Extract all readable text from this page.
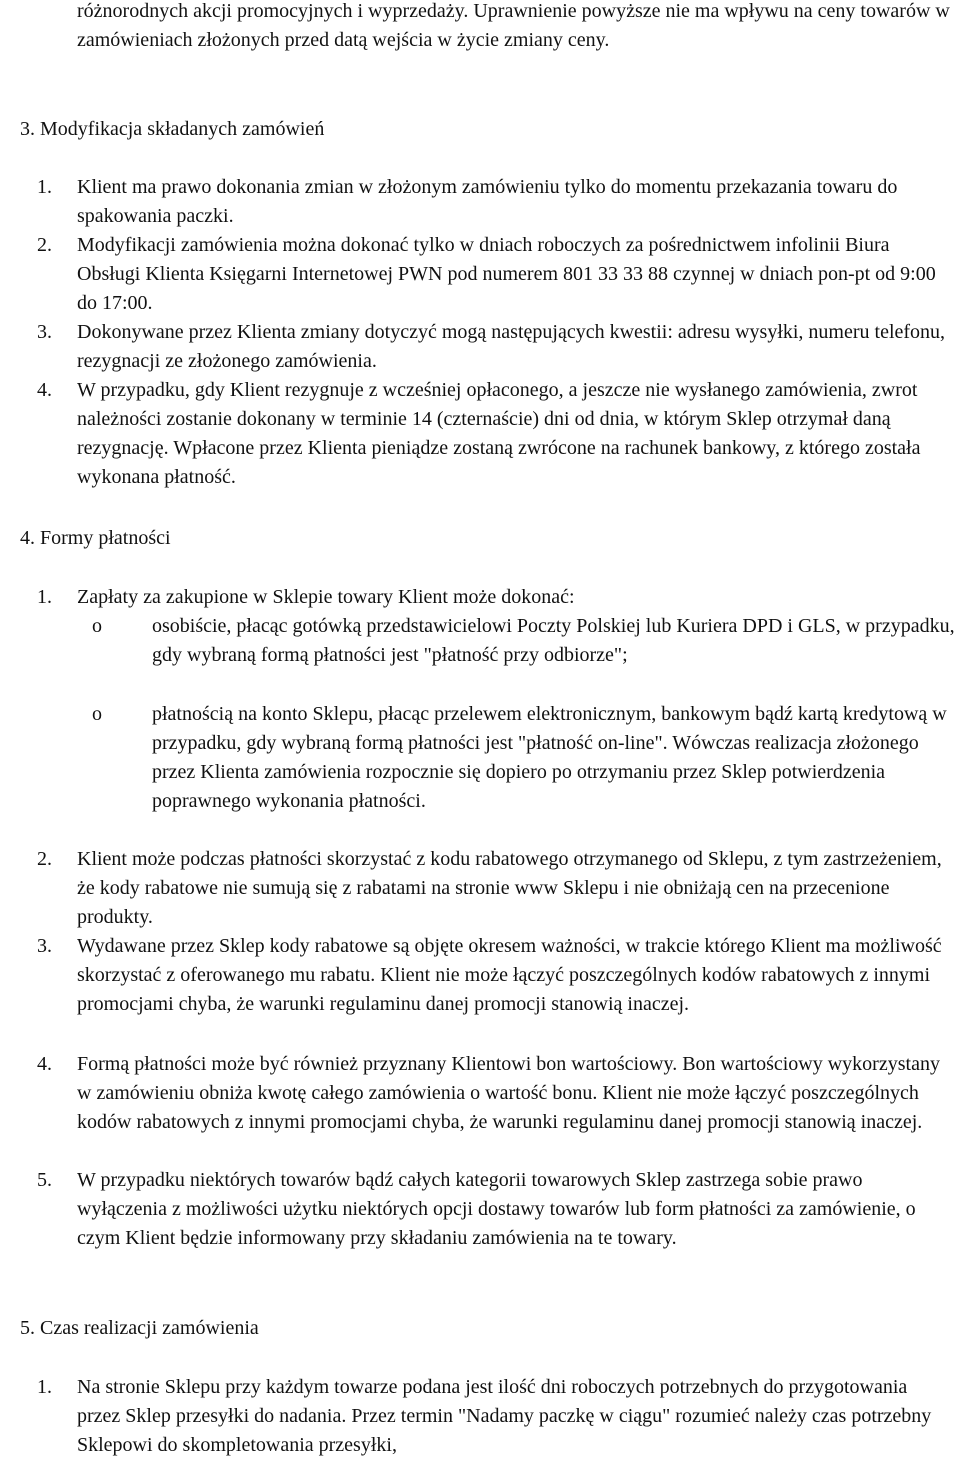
różnorodnych akcji promocyjnych i wyprzedaży. Uprawnienie powyższe nie ma wpływu na ceny towarów w zamówieniach złożonych przed datą wejścia w życie zmiany ceny.

3. Modyfikacja składanych zamówień

1. Klient ma prawo dokonania zmian w złożonym zamówieniu tylko do momentu przekazania towaru do spakowania paczki.

2. Modyfikacji zamówienia można dokonać tylko w dniach roboczych za pośrednictwem infolinii Biura Obsługi Klienta Księgarni Internetowej PWN pod numerem 801 33 33 88 czynnej w dniach pon-pt od 9:00 do 17:00.

3. Dokonywane przez Klienta zmiany dotyczyć mogą następujących kwestii: adresu wysyłki, numeru telefonu, rezygnacji ze złożonego zamówienia.

4. W przypadku, gdy Klient rezygnuje z wcześniej opłaconego, a jeszcze nie wysłanego zamówienia, zwrot należności zostanie dokonany w terminie 14 (czternaście) dni od dnia, w którym Sklep otrzymał daną rezygnację. Wpłacone przez Klienta pieniądze zostaną zwrócone na rachunek bankowy, z którego została wykonana płatność.

4. Formy płatności

1. Zapłaty za zakupione w Sklepie towary Klient może dokonać:

o	osobiście, płacąc gotówką przedstawicielowi Poczty Polskiej lub Kuriera DPD i GLS, w przypadku, gdy wybraną formą płatności jest "płatność przy odbiorze";

o	płatnością na konto Sklepu, płacąc przelewem elektronicznym, bankowym bądź kartą kredytową w przypadku, gdy wybraną formą płatności jest "płatność on-line". Wówczas realizacja złożonego przez Klienta zamówienia rozpocznie się dopiero po otrzymaniu przez Sklep potwierdzenia poprawnego wykonania płatności.

2. Klient może podczas płatności skorzystać z kodu rabatowego otrzymanego od Sklepu, z tym zastrzeżeniem, że kody rabatowe nie sumują się z rabatami na stronie www Sklepu i nie obniżają cen na przecenione produkty.

3. Wydawane przez Sklep kody rabatowe są objęte okresem ważności, w trakcie którego Klient ma możliwość skorzystać z oferowanego mu rabatu. Klient nie może łączyć poszczególnych kodów rabatowych z innymi promocjami chyba, że warunki regulaminu danej promocji stanowią inaczej.

4. Formą płatności może być również przyznany Klientowi bon wartościowy. Bon wartościowy wykorzystany w zamówieniu obniża kwotę całego zamówienia o wartość bonu. Klient nie może łączyć poszczególnych kodów rabatowych z innymi promocjami chyba, że warunki regulaminu danej promocji stanowią inaczej.

5. W przypadku niektórych towarów bądź całych kategorii towarowych Sklep zastrzega sobie prawo wyłączenia z możliwości użytku niektórych opcji dostawy towarów lub form płatności za zamówienie, o czym Klient będzie informowany przy składaniu zamówienia na te towary.

5. Czas realizacji zamówienia

1. Na stronie Sklepu przy każdym towarze podana jest ilość dni roboczych potrzebnych do przygotowania przez Sklep przesyłki do nadania. Przez termin "Nadamy paczkę w ciągu" rozumieć należy czas potrzebny Sklepowi do skompletowania przesyłki,
